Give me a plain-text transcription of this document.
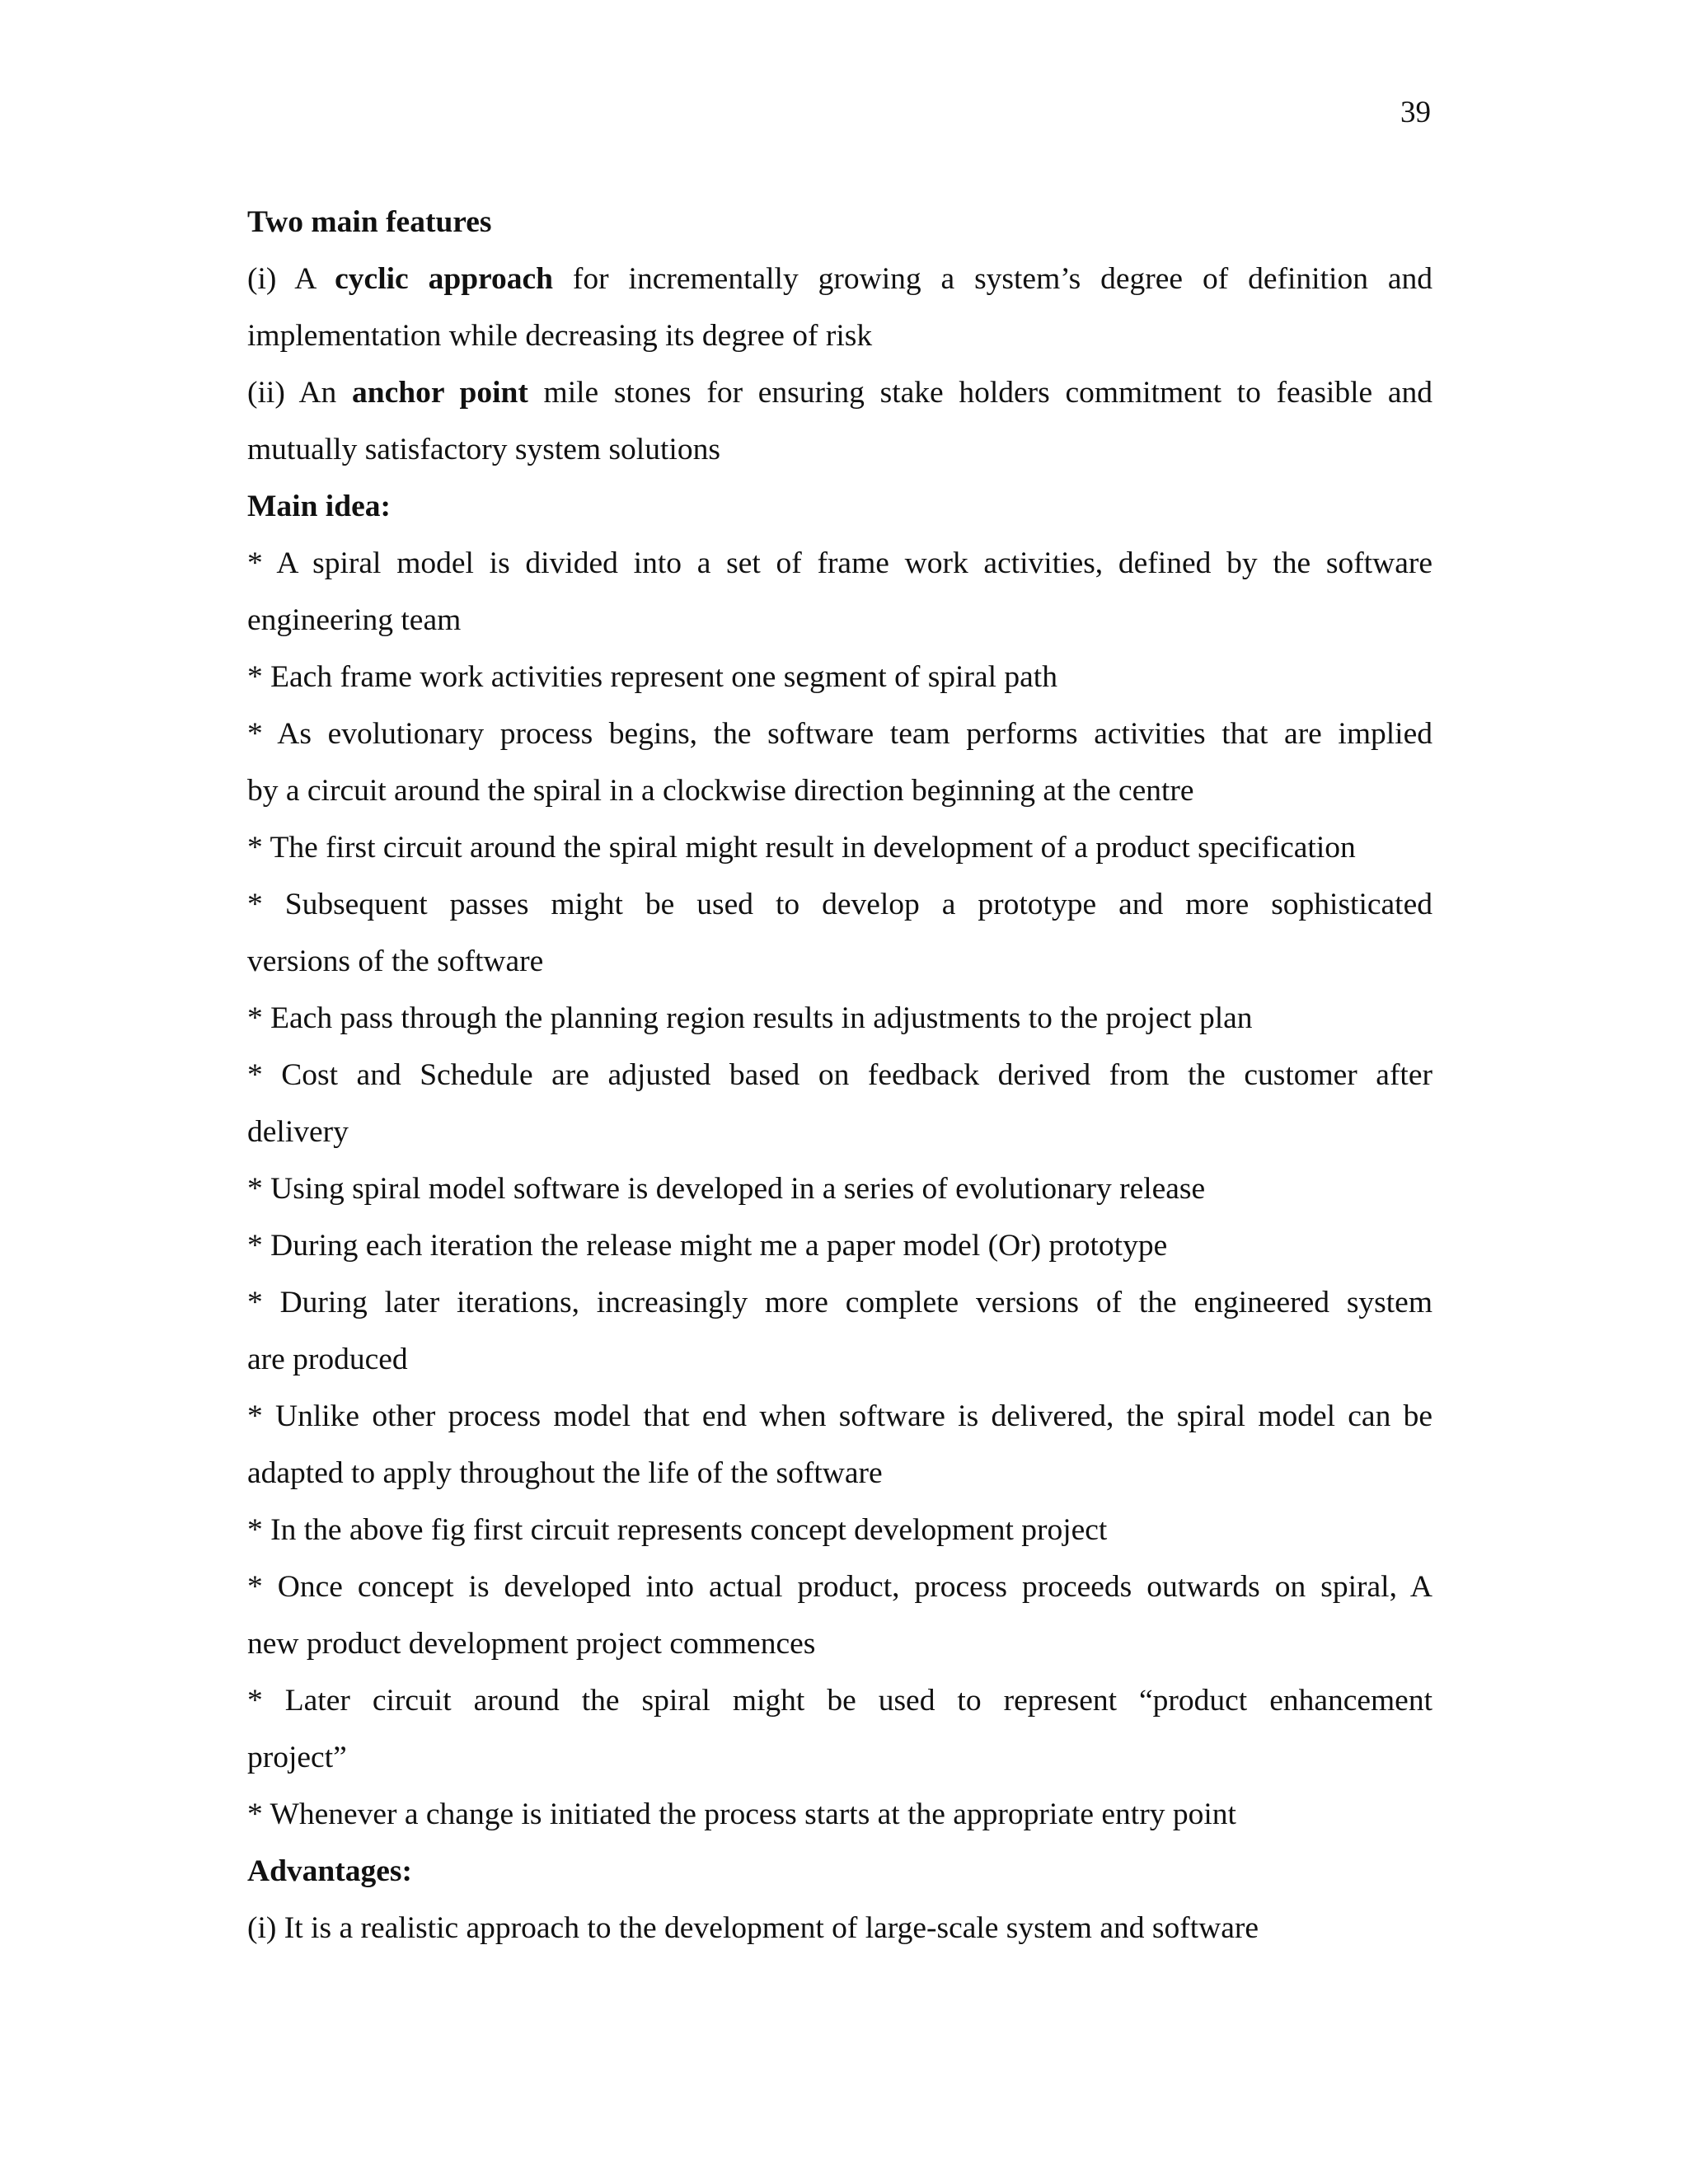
39
Two main features
(i) A cyclic approach for incrementally growing a system’s degree of definition and
implementation while decreasing its degree of risk
(ii) An anchor point mile stones for ensuring stake holders commitment to feasible and
mutually satisfactory system solutions
Main idea:
* A spiral model is divided into a set of frame work activities, defined by the software
engineering team
* Each frame work activities represent one segment of spiral path
* As evolutionary process begins, the software team performs activities that are implied
by a circuit around the spiral in a clockwise direction beginning at the centre
* The first circuit around the spiral might result in development of a product specification
* Subsequent passes might be used to develop a prototype and more sophisticated
versions of the software
* Each pass through the planning region results in adjustments to the project plan
* Cost and Schedule are adjusted based on feedback derived from the customer after
delivery
* Using spiral model software is developed in a series of evolutionary release
* During each iteration the release might me a paper model (Or) prototype
* During later iterations, increasingly more complete versions of the engineered system
are produced
* Unlike other process model that end when software is delivered, the spiral model can be
adapted to apply throughout the life of the software
* In the above fig first circuit represents concept development project
* Once concept is developed into actual product, process proceeds outwards on spiral, A
new product development project commences
* Later circuit around the spiral might be used to represent “product enhancement
project”
* Whenever a change is initiated the process starts at the appropriate entry point
Advantages:
(i) It is a realistic approach to the development of large-scale system and software
